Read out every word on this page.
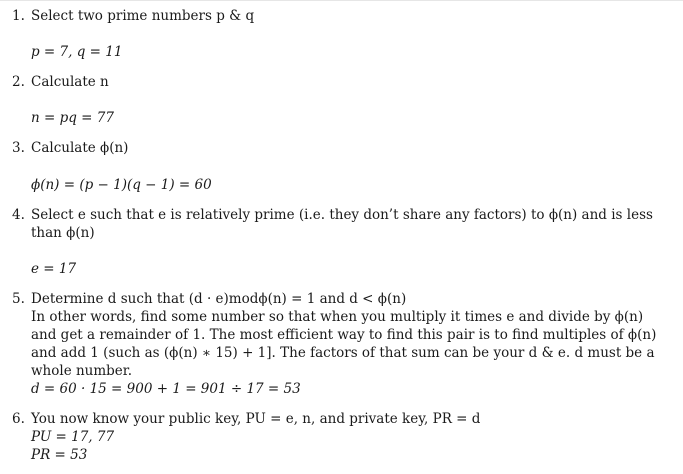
1. Select two prime numbers p & q
p = 7, q = 11
2. Calculate n
n = pq = 77
3. Calculate ϕ(n)
ϕ(n) = (p − 1)(q − 1) = 60
4. Select e such that e is relatively prime (i.e. they don’t share any factors) to ϕ(n) and is less
than ϕ(n)
e = 17
5. Determine d such that (d · e)modϕ(n) = 1 and d < ϕ(n)
In other words, find some number so that when you multiply it times e and divide by ϕ(n)
and get a remainder of 1. The most efficient way to find this pair is to find multiples of ϕ(n)
and add 1 (such as (ϕ(n) ∗ 15) + 1]. The factors of that sum can be your d & e. d must be a
whole number.
d = 60 · 15 = 900 + 1 = 901 ÷ 17 = 53
6. You now know your public key, PU = e, n, and private key, PR = d
PU = 17, 77
PR = 53
